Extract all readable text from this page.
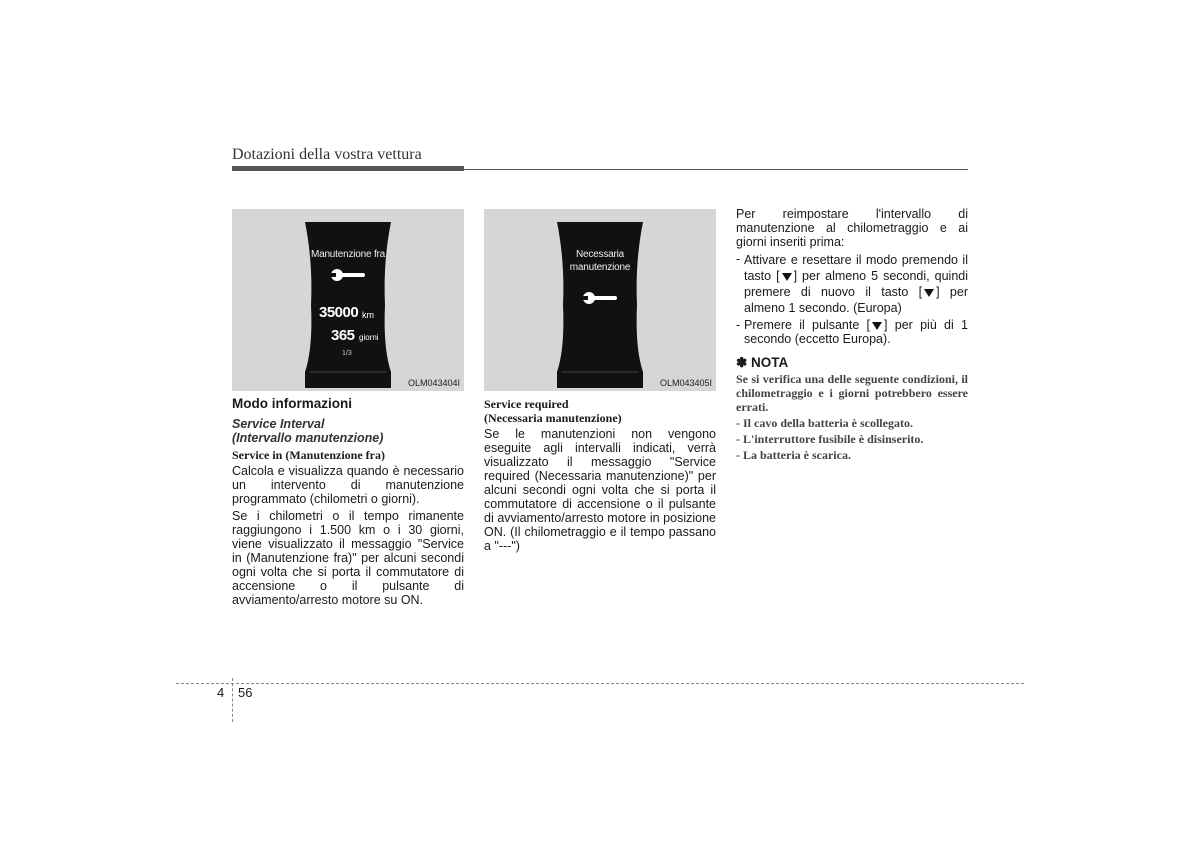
Dotazioni della vostra vettura
Manutenzione fra
35000 km
365 giorni
1/3
OLM043404I
Necessaria
manutenzione
OLM043405I

Modo informazioni

Service Interval

(Intervallo manutenzione)

Service in (Manutenzione fra)

Calcola e visualizza quando è necessario un intervento di manutenzione programmato (chilometri o giorni).

Se i chilometri o il tempo rimanente raggiungono i 1.500 km o i 30 giorni, viene visualizzato il messaggio "Service in (Manutenzione fra)" per alcuni secondi ogni volta che si porta il commutatore di accensione o il pulsante di avviamento/arresto motore su ON.

Service required

(Necessaria manutenzione)

Se le manutenzioni non vengono eseguite agli intervalli indicati, verrà visualizzato il messaggio "Service required (Necessaria manutenzione)" per alcuni secondi ogni volta che si porta il commutatore di accensione o il pulsante di avviamento/arresto motore in posizione ON. (Il chilometraggio e il tempo passano a "---")

Per reimpostare l'intervallo di manutenzione al chilometraggio e ai giorni inseriti prima:

- Attivare e resettare il modo premendo il tasto [ ] per almeno 5 secondi, quindi premere di nuovo il tasto [ ] per almeno 1 secondo. (Europa)
- Premere il pulsante [ ] per più di 1 secondo (eccetto Europa).

✽ NOTA

Se si verifica una delle seguente condizioni, il chilometraggio e i giorni potrebbero essere errati.

- Il cavo della batteria è scollegato.

- L'interruttore fusibile è disinserito.

- La batteria è scarica.

4 56
